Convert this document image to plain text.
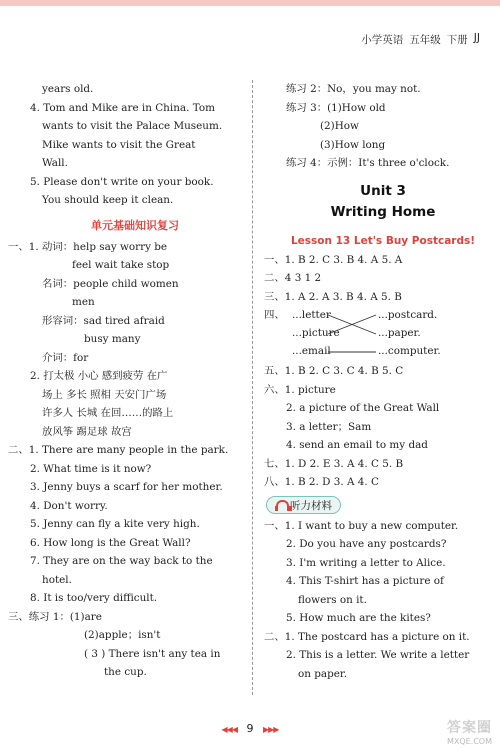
小学英语 五年级 下册 JJ
years old.
4. Tom and Mike are in China. Tom
wants to visit the Palace Museum.
Mike wants to visit the Great
Wall.
5. Please don't write on your book.
You should keep it clean.
单元基础知识复习
一、1. 动词：help say worry be
feel wait take stop
名词：people child women
men
形容词：sad tired afraid
busy many
介词：for
2. 打太极 小心 感到疲劳 在广
场上 多长 照相 天安门广场
许多人 长城 在回……的路上
放风筝 踢足球 故宫
二、1. There are many people in the park.
2. What time is it now?
3. Jenny buys a scarf for her mother.
4. Don't worry.
5. Jenny can fly a kite very high.
6. How long is the Great Wall?
7. They are on the way back to the
hotel.
8. It is too/very difficult.
三、练习 1：(1)are
(2)apple；isn't
( 3 ) There isn't any tea in
the cup.
练习 2：No，you may not.
练习 3：(1)How old
(2)How
(3)How long
练习 4：示例：It's three o'clock.
Unit 3
Writing Home
Lesson 13 Let's Buy Postcards!
一、1. B 2. C 3. B 4. A 5. A
二、4 3 1 2
三、1. A 2. A 3. B 4. A 5. B
四、 ...letter
...picture
...email
...postcard.
...paper.
...computer.
五、1. B 2. C 3. C 4. B 5. C
六、1. picture
2. a picture of the Great Wall
3. a letter；Sam
4. send an email to my dad
七、1. D 2. E 3. A 4. C 5. B
八、1. B 2. D 3. A 4. C
听力材料
一、1. I want to buy a new computer.
2. Do you have any postcards?
3. I'm writing a letter to Alice.
4. This T-shirt has a picture of
flowers on it.
5. How much are the kites?
二、1. The postcard has a picture on it.
2. This is a letter. We write a letter
on paper.
◀◀◀ 9 ▶▶▶	答案圈
MXQE.COM
